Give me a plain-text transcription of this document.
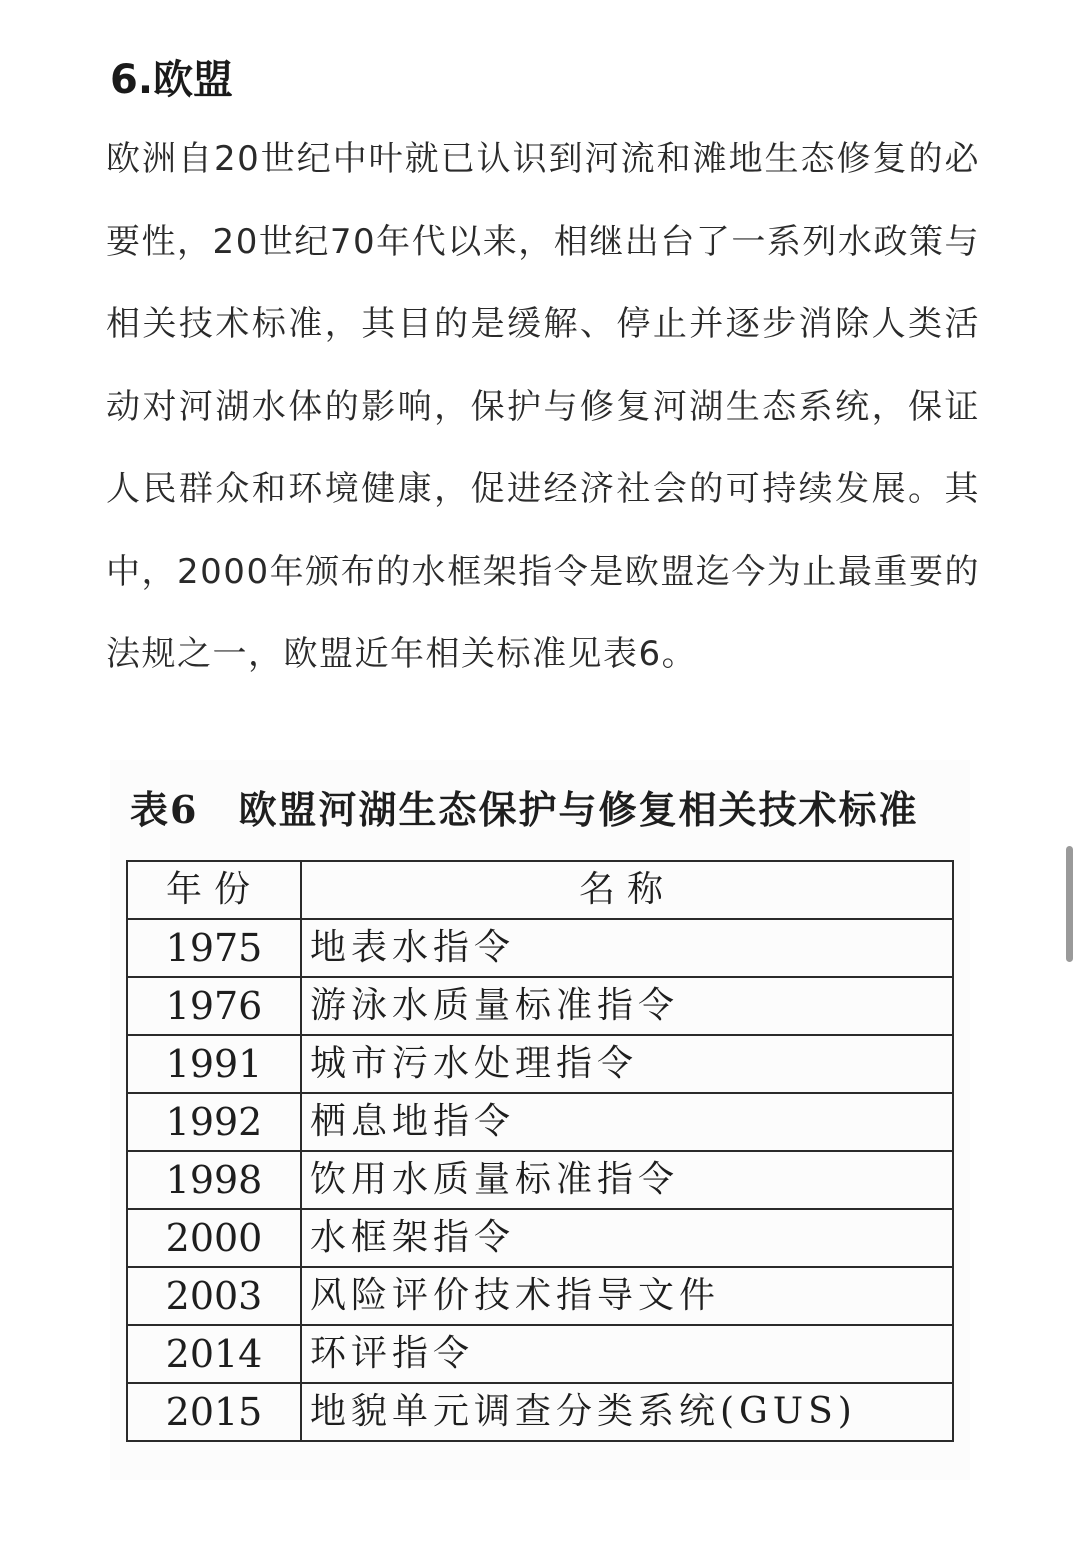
6.欧盟

欧洲自20世纪中叶就已认识到河流和滩地生态修复的必要性，20世纪70年代以来，相继出台了一系列水政策与相关技术标准，其目的是缓解、停止并逐步消除人类活动对河湖水体的影响，保护与修复河湖生态系统，保证人民群众和环境健康，促进经济社会的可持续发展。其中，2000年颁布的水框架指令是欧盟迄今为止最重要的法规之一，欧盟近年相关标准见表6。

表6 欧盟河湖生态保护与修复相关技术标准
年份	名称
1975	地表水指令
1976	游泳水质量标准指令
1991	城市污水处理指令
1992	栖息地指令
1998	饮用水质量标准指令
2000	水框架指令
2003	风险评价技术指导文件
2014	环评指令
2015	地貌单元调查分类系统(GUS)
